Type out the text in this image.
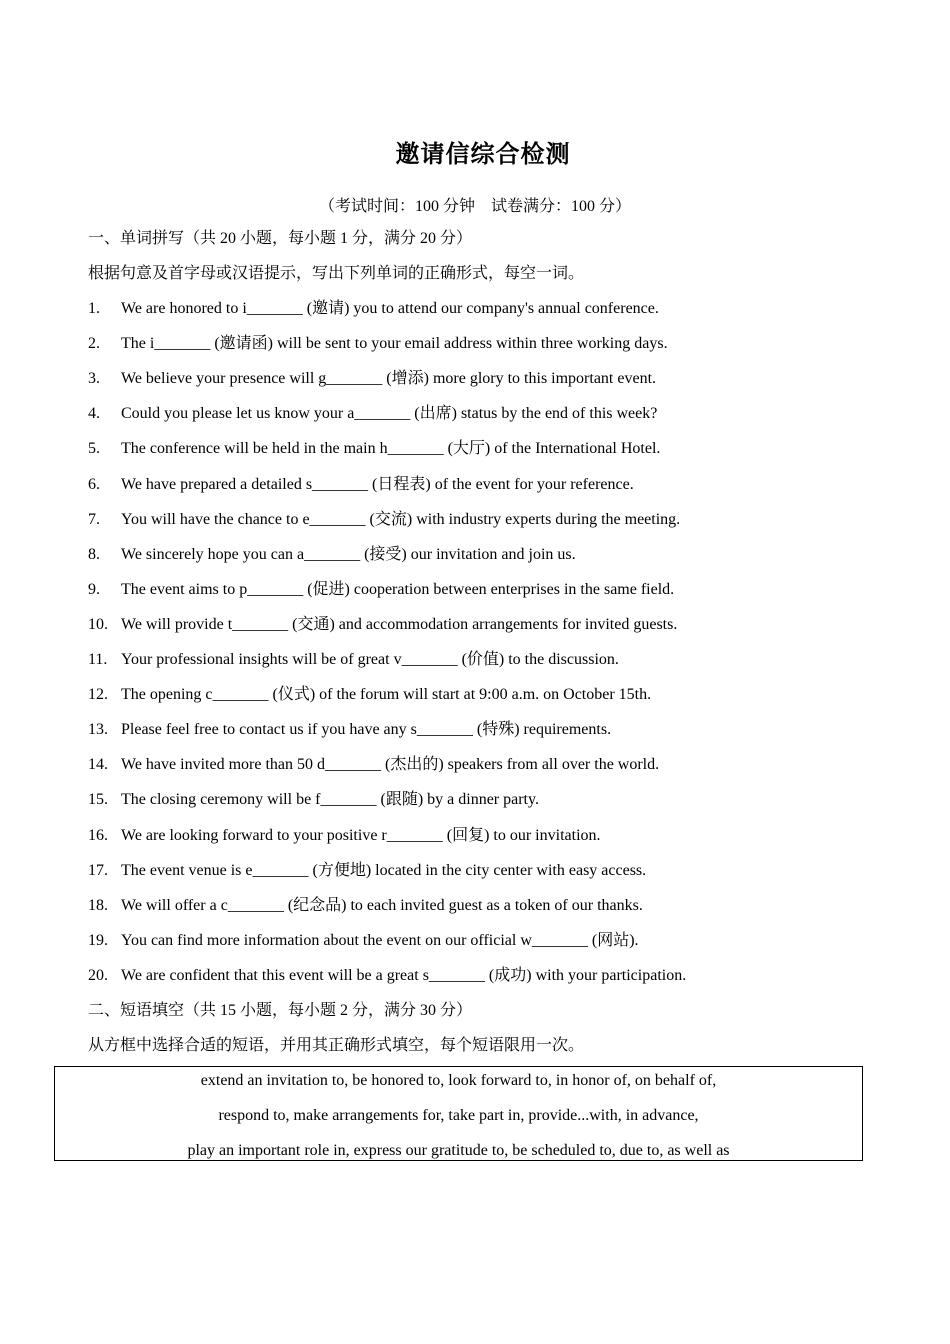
邀请信综合检测
（考试时间：100 分钟 试卷满分：100 分）
一、单词拼写（共 20 小题，每小题 1 分，满分 20 分）
根据句意及首字母或汉语提示，写出下列单词的正确形式，每空一词。
1. We are honored to i_______ (邀请) you to attend our company's annual conference.
2. The i_______ (邀请函) will be sent to your email address within three working days.
3. We believe your presence will g_______ (增添) more glory to this important event.
4. Could you please let us know your a_______ (出席) status by the end of this week?
5. The conference will be held in the main h_______ (大厅) of the International Hotel.
6. We have prepared a detailed s_______ (日程表) of the event for your reference.
7. You will have the chance to e_______ (交流) with industry experts during the meeting.
8. We sincerely hope you can a_______ (接受) our invitation and join us.
9. The event aims to p_______ (促进) cooperation between enterprises in the same field.
10. We will provide t_______ (交通) and accommodation arrangements for invited guests.
11. Your professional insights will be of great v_______ (价值) to the discussion.
12. The opening c_______ (仪式) of the forum will start at 9:00 a.m. on October 15th.
13. Please feel free to contact us if you have any s_______ (特殊) requirements.
14. We have invited more than 50 d_______ (杰出的) speakers from all over the world.
15. The closing ceremony will be f_______ (跟随) by a dinner party.
16. We are looking forward to your positive r_______ (回复) to our invitation.
17. The event venue is e_______ (方便地) located in the city center with easy access.
18. We will offer a c_______ (纪念品) to each invited guest as a token of our thanks.
19. You can find more information about the event on our official w_______ (网站).
20. We are confident that this event will be a great s_______ (成功) with your participation.
二、短语填空（共 15 小题，每小题 2 分，满分 30 分）
从方框中选择合适的短语，并用其正确形式填空，每个短语限用一次。
extend an invitation to, be honored to, look forward to, in honor of, on behalf of,
respond to, make arrangements for, take part in, provide...with, in advance,
play an important role in, express our gratitude to, be scheduled to, due to, as well as
